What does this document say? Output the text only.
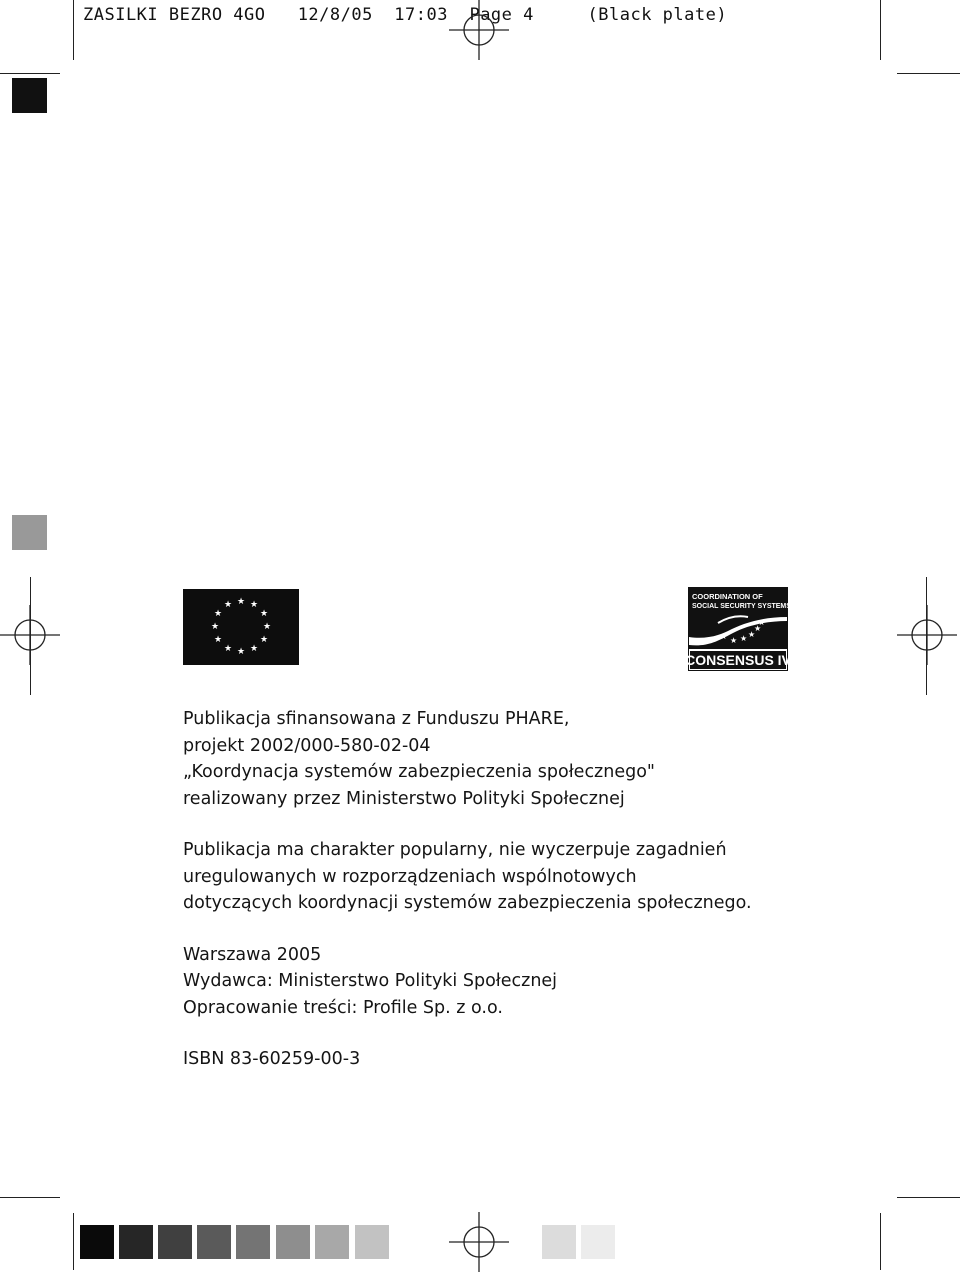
ZASILKI BEZRO 4GO   12/8/05  17:03  Page 4     (Black plate)
★ ★
★
★
★
★
★
★
★
★
★
★
COORDINATION OF
SOCIAL SECURITY SYSTEMS
★ ★ ★ ★
★
★
CONSENSUS IV
Publikacja sfinansowana z Funduszu PHARE,
projekt 2002/000-580-02-04
„Koordynacja systemów zabezpieczenia społecznego"
realizowany przez Ministerstwo Polityki Społecznej
Publikacja ma charakter popularny, nie wyczerpuje zagadnień
uregulowanych w rozporządzeniach wspólnotowych
dotyczących koordynacji systemów zabezpieczenia społecznego.
Warszawa 2005
Wydawca: Ministerstwo Polityki Społecznej
Opracowanie treści: Profile Sp. z o.o.
ISBN 83-60259-00-3
